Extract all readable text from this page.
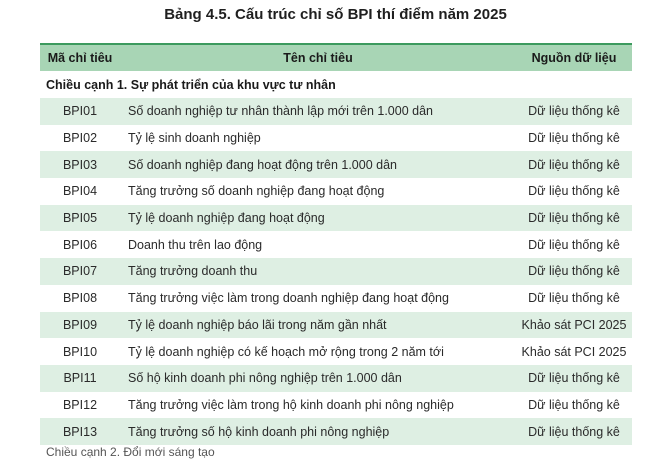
Bảng 4.5. Cấu trúc chỉ số BPI thí điểm năm 2025
Mã chỉ tiêu	Tên chỉ tiêu	Nguồn dữ liệu
Chiều cạnh 1. Sự phát triển của khu vực tư nhân		
BPI01	Số doanh nghiệp tư nhân thành lập mới trên 1.000 dân	Dữ liệu thống kê
BPI02	Tỷ lệ sinh doanh nghiệp	Dữ liệu thống kê
BPI03	Số doanh nghiệp đang hoạt động trên 1.000 dân	Dữ liệu thống kê
BPI04	Tăng trưởng số doanh nghiệp đang hoạt động	Dữ liệu thống kê
BPI05	Tỷ lệ doanh nghiệp đang hoạt động	Dữ liệu thống kê
BPI06	Doanh thu trên lao động	Dữ liệu thống kê
BPI07	Tăng trưởng doanh thu	Dữ liệu thống kê
BPI08	Tăng trưởng việc làm trong doanh nghiệp đang hoạt động	Dữ liệu thống kê
BPI09	Tỷ lệ doanh nghiệp báo lãi trong năm gần nhất	Khảo sát PCI 2025
BPI10	Tỷ lệ doanh nghiệp có kế hoạch mở rộng trong 2 năm tới	Khảo sát PCI 2025
BPI11	Số hộ kinh doanh phi nông nghiệp trên 1.000 dân	Dữ liệu thống kê
BPI12	Tăng trưởng việc làm trong hộ kinh doanh phi nông nghiệp	Dữ liệu thống kê
BPI13	Tăng trưởng số hộ kinh doanh phi nông nghiệp	Dữ liệu thống kê
Chiều cạnh 2. Đổi mới sáng tạo
